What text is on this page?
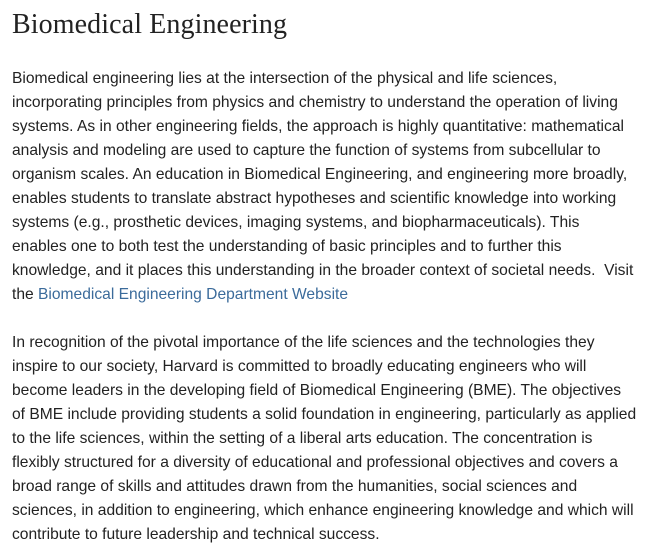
Biomedical Engineering

Biomedical engineering lies at the intersection of the physical and life sciences, incorporating principles from physics and chemistry to understand the operation of living systems. As in other engineering fields, the approach is highly quantitative: mathematical analysis and modeling are used to capture the function of systems from subcellular to organism scales. An education in Biomedical Engineering, and engineering more broadly, enables students to translate abstract hypotheses and scientific knowledge into working systems (e.g., prosthetic devices, imaging systems, and biopharmaceuticals). This enables one to both test the understanding of basic principles and to further this knowledge, and it places this understanding in the broader context of societal needs. Visit the Biomedical Engineering Department Website

In recognition of the pivotal importance of the life sciences and the technologies they inspire to our society, Harvard is committed to broadly educating engineers who will become leaders in the developing field of Biomedical Engineering (BME). The objectives of BME include providing students a solid foundation in engineering, particularly as applied to the life sciences, within the setting of a liberal arts education. The concentration is flexibly structured for a diversity of educational and professional objectives and covers a broad range of skills and attitudes drawn from the humanities, social sciences and sciences, in addition to engineering, which enhance engineering knowledge and which will contribute to future leadership and technical success.
